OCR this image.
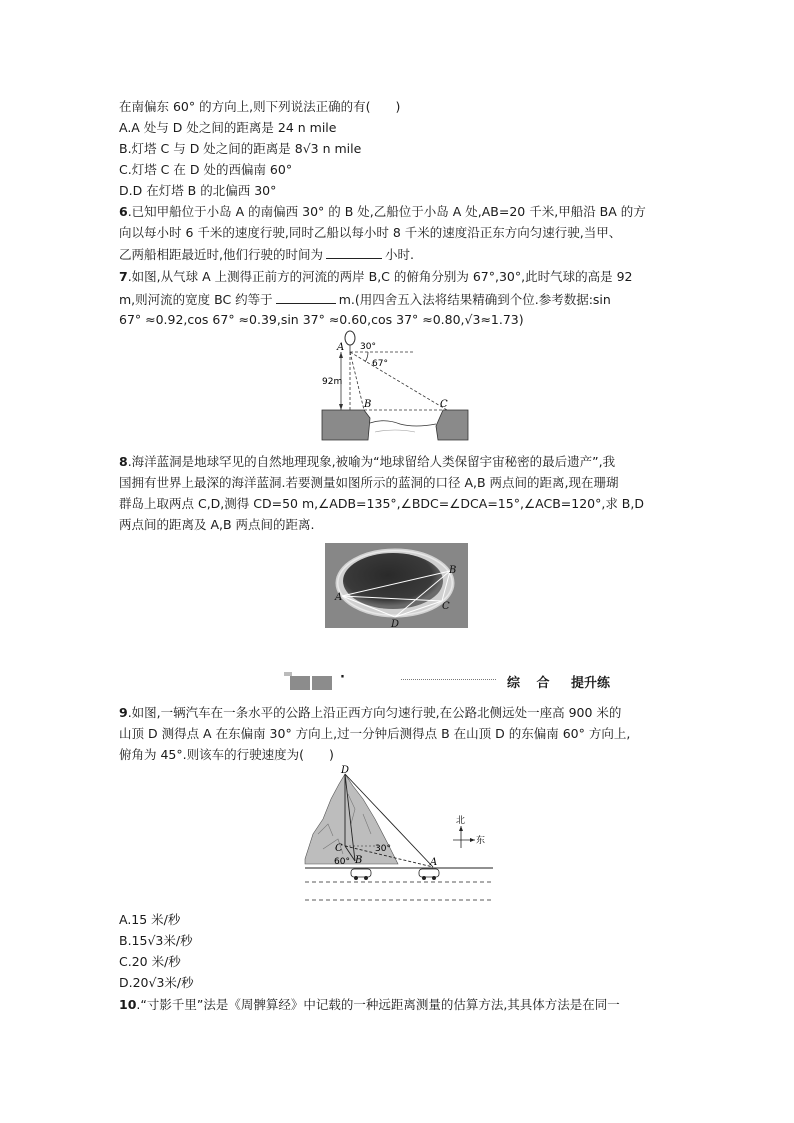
在南偏东 60° 的方向上,则下列说法正确的有(　　)
A.A 处与 D 处之间的距离是 24 n mile
B.灯塔 C 与 D 处之间的距离是 8√3 n mile
C.灯塔 C 在 D 处的西偏南 60°
D.D 在灯塔 B 的北偏西 30°
6.已知甲船位于小岛 A 的南偏西 30° 的 B 处,乙船位于小岛 A 处,AB=20 千米,甲船沿 BA 的方
向以每小时 6 千米的速度行驶,同时乙船以每小时 8 千米的速度沿正东方向匀速行驶,当甲、
乙两船相距最近时,他们行驶的时间为	小时.
7.如图,从气球 A 上测得正前方的河流的两岸 B,C 的俯角分别为 67°,30°,此时气球的高是 92
m,则河流的宽度 BC 约等于	m.(用四舍五入法将结果精确到个位.参考数据:sin
67° ≈0.92,cos 67° ≈0.39,sin 37° ≈0.60,cos 37° ≈0.80,√3≈1.73)
A 30°
67°
92m
B	C
8.海洋蓝洞是地球罕见的自然地理现象,被喻为“地球留给人类保留宇宙秘密的最后遗产”,我
国拥有世界上最深的海洋蓝洞.若要测量如图所示的蓝洞的口径 A,B 两点间的距离,现在珊瑚
群岛上取两点 C,D,测得 CD=50 m,∠ADB=135°,∠BDC=∠DCA=15°,∠ACB=120°,求 B,D
两点间的距离及 A,B 两点间的距离.
A
B
C
D
·	综 合 提升练
9.如图,一辆汽车在一条水平的公路上沿正西方向匀速行驶,在公路北侧远处一座高 900 米的
山顶 D 测得点 A 在东偏南 30° 方向上,过一分钟后测得点 B 在山顶 D 的东偏南 60° 方向上,
俯角为 45°.则该车的行驶速度为(　　)
北
东
D
C	30°
60° B	A
A.15 米/秒
B.15√3米/秒
C.20 米/秒
D.20√3米/秒
10.“寸影千里”法是《周髀算经》中记载的一种远距离测量的估算方法,其具体方法是在同一
